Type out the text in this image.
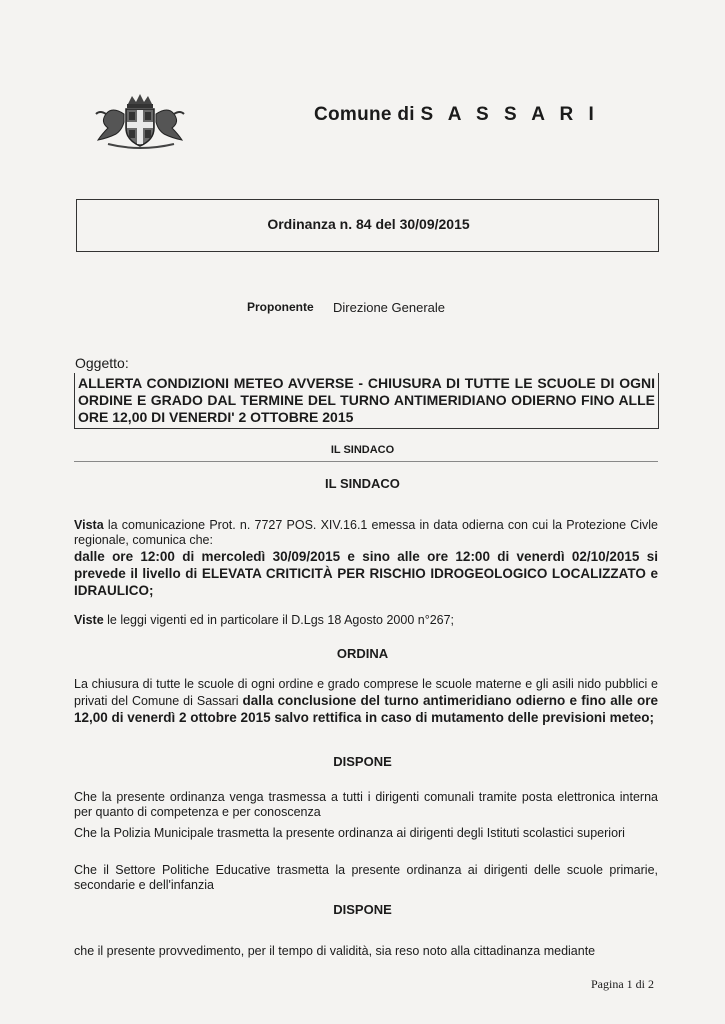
Comune di S A S S A R I
Ordinanza n. 84 del 30/09/2015
Proponente Direzione Generale
Oggetto:
ALLERTA CONDIZIONI METEO AVVERSE - CHIUSURA DI TUTTE LE SCUOLE DI OGNI ORDINE E GRADO DAL TERMINE DEL TURNO ANTIMERIDIANO ODIERNO FINO ALLE ORE 12,00 DI VENERDI' 2 OTTOBRE 2015
IL SINDACO
IL SINDACO
Vista la comunicazione Prot. n. 7727 POS. XIV.16.1 emessa in data odierna con cui la Protezione Civle regionale, comunica che:
dalle ore 12:00 di mercoledì 30/09/2015 e sino alle ore 12:00 di venerdì 02/10/2015 si prevede il livello di ELEVATA CRITICITÀ PER RISCHIO IDROGEOLOGICO LOCALIZZATO e IDRAULICO;
Viste le leggi vigenti ed in particolare il D.Lgs 18 Agosto 2000 n°267;
ORDINA
La chiusura di tutte le scuole di ogni ordine e grado comprese le scuole materne e gli asili nido pubblici e privati del Comune di Sassari dalla conclusione del turno antimeridiano odierno e fino alle ore 12,00 di venerdì 2 ottobre 2015 salvo rettifica in caso di mutamento delle previsioni meteo;
DISPONE
Che la presente ordinanza venga trasmessa a tutti i dirigenti comunali tramite posta elettronica interna per quanto di competenza e per conoscenza
Che la Polizia Municipale trasmetta la presente ordinanza ai dirigenti degli Istituti scolastici superiori
Che il Settore Politiche Educative trasmetta la presente ordinanza ai dirigenti delle scuole primarie, secondarie e dell'infanzia
DISPONE
che il presente provvedimento, per il tempo di validità, sia reso noto alla cittadinanza mediante
Pagina 1 di 2
